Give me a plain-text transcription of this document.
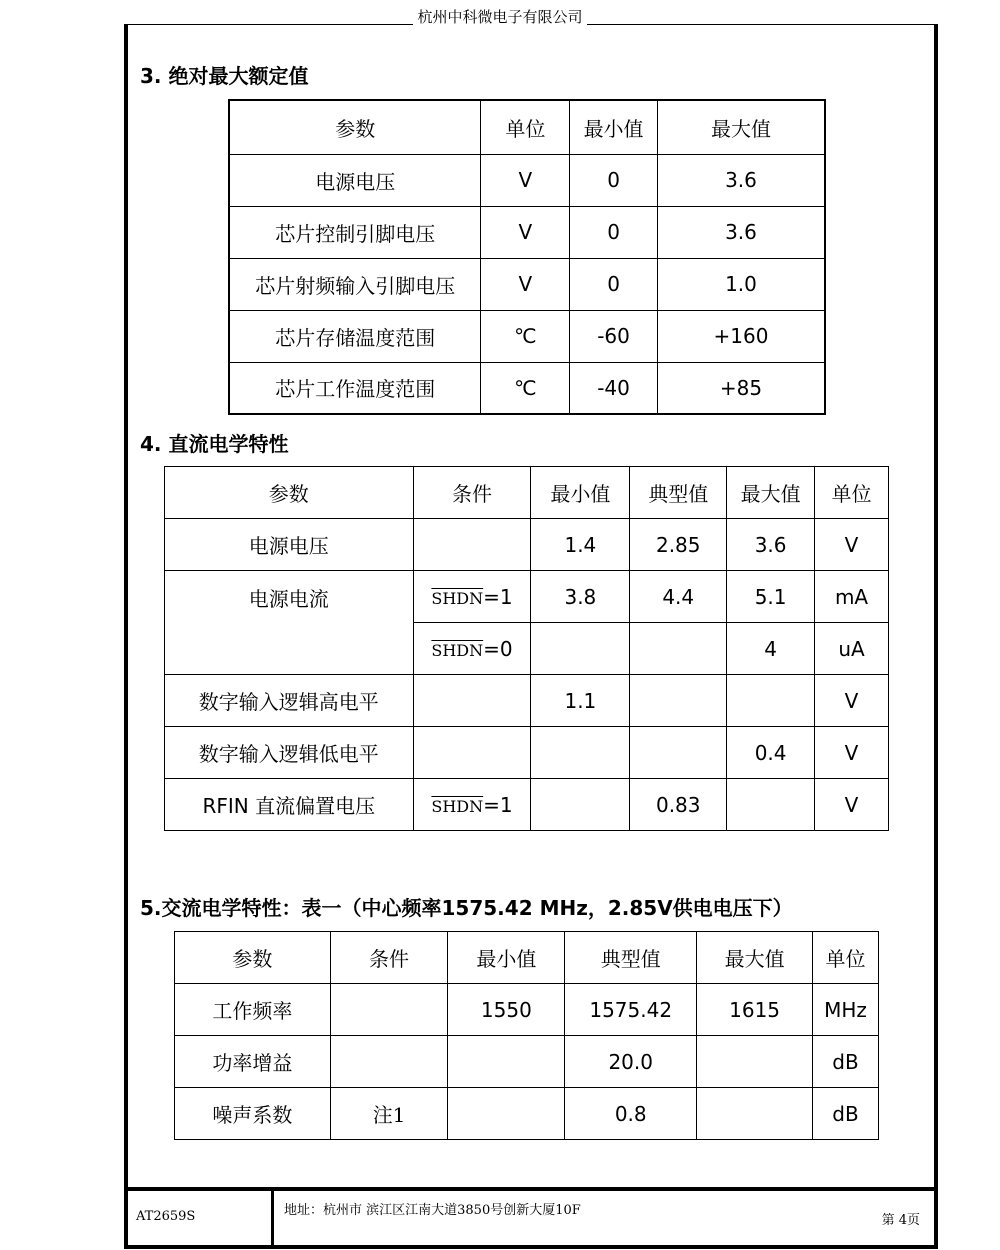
杭州中科微电子有限公司
3. 绝对最大额定值
参数	单位	最小值	最大值
电源电压	V	0	3.6
芯片控制引脚电压	V	0	3.6
芯片射频输入引脚电压	V	0	1.0
芯片存储温度范围	℃	-60	+160
芯片工作温度范围	℃	-40	+85
4. 直流电学特性
参数	条件	最小值	典型值	最大值	单位
电源电压		1.4	2.85	3.6	V
电源电流	SHDN=1	3.8	4.4	5.1	mA
	SHDN=0			4	uA
数字输入逻辑高电平		1.1			V
数字输入逻辑低电平				0.4	V
RFIN 直流偏置电压	SHDN=1		0.83		V
5.交流电学特性：表一（中心频率1575.42 MHz，2.85V供电电压下）
参数	条件	最小值	典型值	最大值	单位
工作频率		1550	1575.42	1615	MHz
功率增益			20.0		dB
噪声系数	注1		0.8		dB
AT2659S	地址：杭州市 滨江区江南大道3850号创新大厦10F
第 4页
